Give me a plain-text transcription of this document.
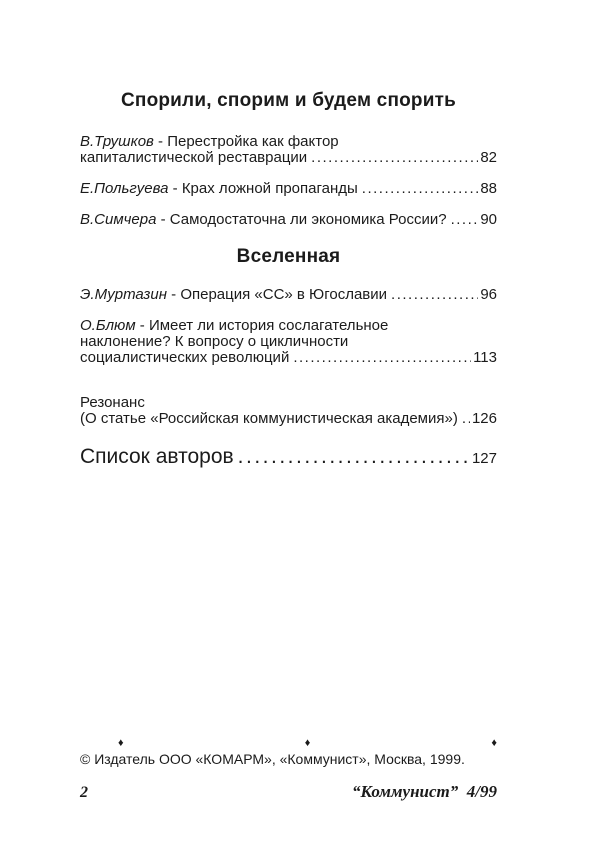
Спорили, спорим и будем спорить
В.Трушков - Перестройка как фактор
капиталистической реставрации .....	82
Е.Польгуева - Крах ложной пропаганды .....	88
В.Симчера - Самодостаточна ли экономика России? ..... 90
Вселенная
Э.Муртазин - Операция «СС» в Югославии .....	96
О.Блюм - Имеет ли история сослагательное
наклонение? К вопросу о цикличности
социалистических революций .....	113
Резонанс
(О статье «Российская коммунистическая академия») ..... 126
Список авторов .....	127
♦	♦	♦
© Издатель ООО «КОМАРМ», «Коммунист», Москва, 1999.
2	“Коммунист”  4/99
